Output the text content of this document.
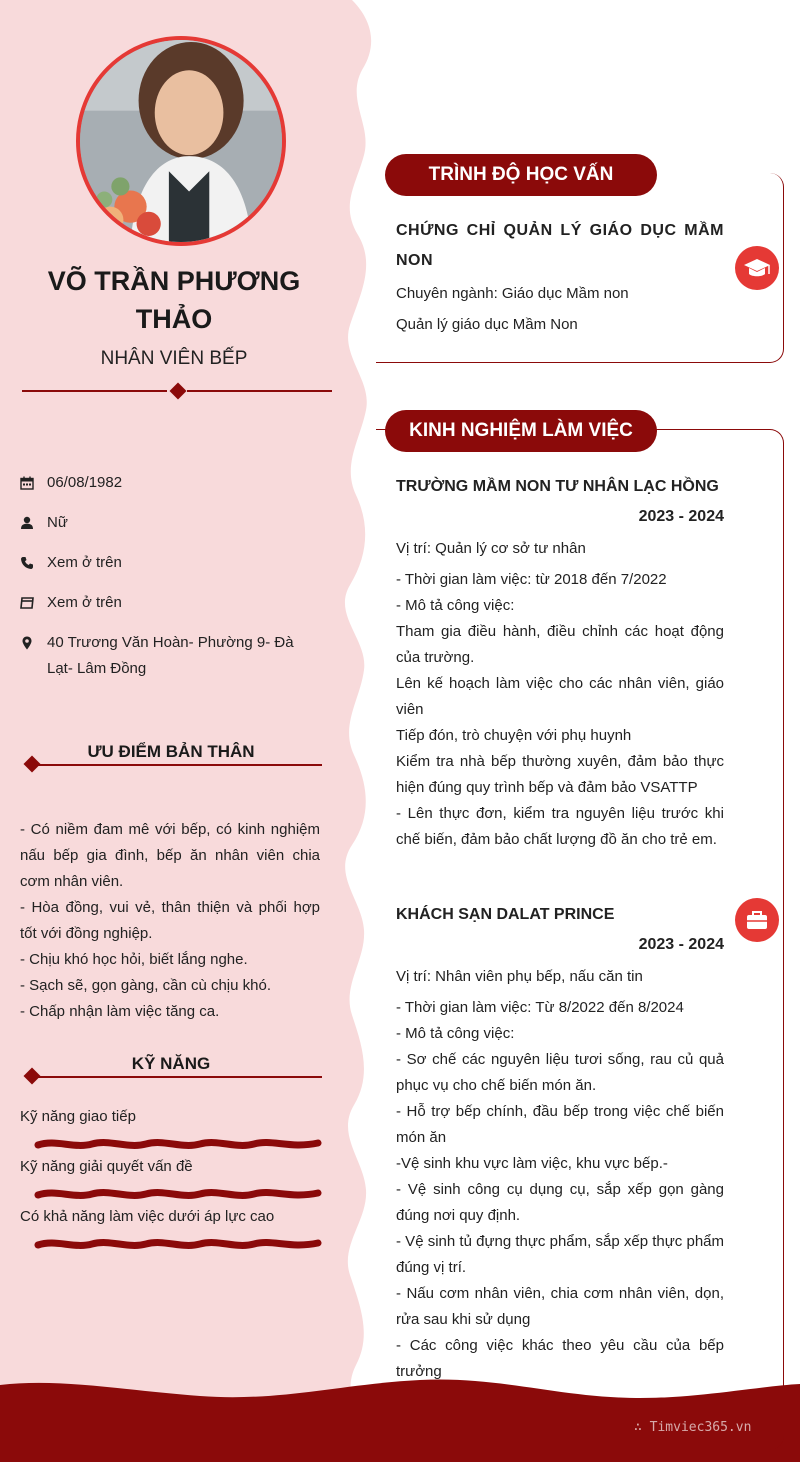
VÕ TRẦN PHƯƠNG THẢO
NHÂN VIÊN BẾP
06/08/1982
Nữ
Xem ở trên
Xem ở trên
40 Trương Văn Hoàn- Phường 9- Đà Lạt- Lâm Đồng
ƯU ĐIỂM BẢN THÂN
- Có niềm đam mê với bếp, có kinh nghiệm nấu bếp gia đình, bếp ăn nhân viên chia cơm nhân viên.
- Hòa đồng, vui vẻ, thân thiện và phối hợp tốt với đồng nghiệp.
- Chịu khó học hỏi, biết lắng nghe.
- Sạch sẽ, gọn gàng, cần cù chịu khó.
- Chấp nhận làm việc tăng ca.
KỸ NĂNG
Kỹ năng giao tiếp
Kỹ năng giải quyết vấn đề
Có khả năng làm việc dưới áp lực cao
TRÌNH ĐỘ HỌC VẤN
CHỨNG CHỈ QUẢN LÝ GIÁO DỤC MẦM NON
Chuyên ngành: Giáo dục Mầm non
Quản lý giáo dục Mầm Non
KINH NGHIỆM LÀM VIỆC
TRƯỜNG MẦM NON TƯ NHÂN LẠC HỒNG
2023 - 2024
Vị trí: Quản lý cơ sở tư nhân
- Thời gian làm việc: từ 2018 đến 7/2022
- Mô tả công việc:
Tham gia điều hành, điều chỉnh các hoạt động của trường.
Lên kế hoạch làm việc cho các nhân viên, giáo viên
Tiếp đón, trò chuyện với phụ huynh
Kiểm tra nhà bếp thường xuyên, đảm bảo thực hiện đúng quy trình bếp và đảm bảo VSATTP
- Lên thực đơn, kiểm tra nguyên liệu trước khi chế biến, đảm bảo chất lượng đồ ăn cho trẻ em.
KHÁCH SẠN DALAT PRINCE
2023 - 2024
Vị trí: Nhân viên phụ bếp, nấu căn tin
- Thời gian làm việc: Từ 8/2022 đến 8/2024
- Mô tả công việc:
- Sơ chế các nguyên liệu tươi sống, rau củ quả phục vụ cho chế biến món ăn.
- Hỗ trợ bếp chính, đầu bếp trong việc chế biến món ăn
-Vệ sinh khu vực làm việc, khu vực bếp.-
- Vệ sinh công cụ dụng cụ, sắp xếp gọn gàng đúng nơi quy định.
- Vệ sinh tủ đựng thực phẩm, sắp xếp thực phẩm đúng vị trí.
- Nấu cơm nhân viên, chia cơm nhân viên, dọn, rửa sau khi sử dụng
- Các công việc khác theo yêu cầu của bếp trưởng
∴ Timviec365.vn
